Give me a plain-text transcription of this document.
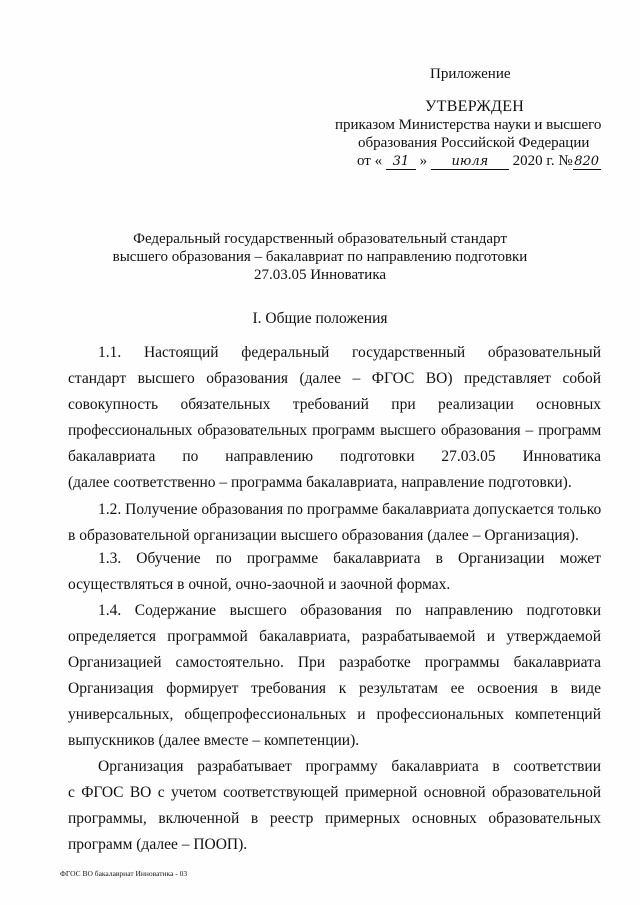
Приложение
УТВЕРЖДЕН
приказом Министерства науки и высшего
образования Российской Федерации
от « 31 » июля 2020 г. № 820
Федеральный государственный образовательный стандарт
высшего образования – бакалавриат по направлению подготовки
27.03.05 Инноватика
I. Общие положения
1.1. Настоящий федеральный государственный образовательный
стандарт высшего образования (далее – ФГОС ВО) представляет собой
совокупность обязательных требований при реализации основных
профессиональных образовательных программ высшего образования – программ
бакалавриата по направлению подготовки 27.03.05 Инноватика
(далее соответственно – программа бакалавриата, направление подготовки).
1.2. Получение образования по программе бакалавриата допускается только
в образовательной организации высшего образования (далее – Организация).
1.3. Обучение по программе бакалавриата в Организации может
осуществляться в очной, очно-заочной и заочной формах.
1.4. Содержание высшего образования по направлению подготовки
определяется программой бакалавриата, разрабатываемой и утверждаемой
Организацией самостоятельно. При разработке программы бакалавриата
Организация формирует требования к результатам ее освоения в виде
универсальных, общепрофессиональных и профессиональных компетенций
выпускников (далее вместе – компетенции).
Организация разрабатывает программу бакалавриата в соответствии
с ФГОС ВО с учетом соответствующей примерной основной образовательной
программы, включенной в реестр примерных основных образовательных
программ (далее – ПООП).
ФГОС ВО бакалавриат Инноватика - 03
